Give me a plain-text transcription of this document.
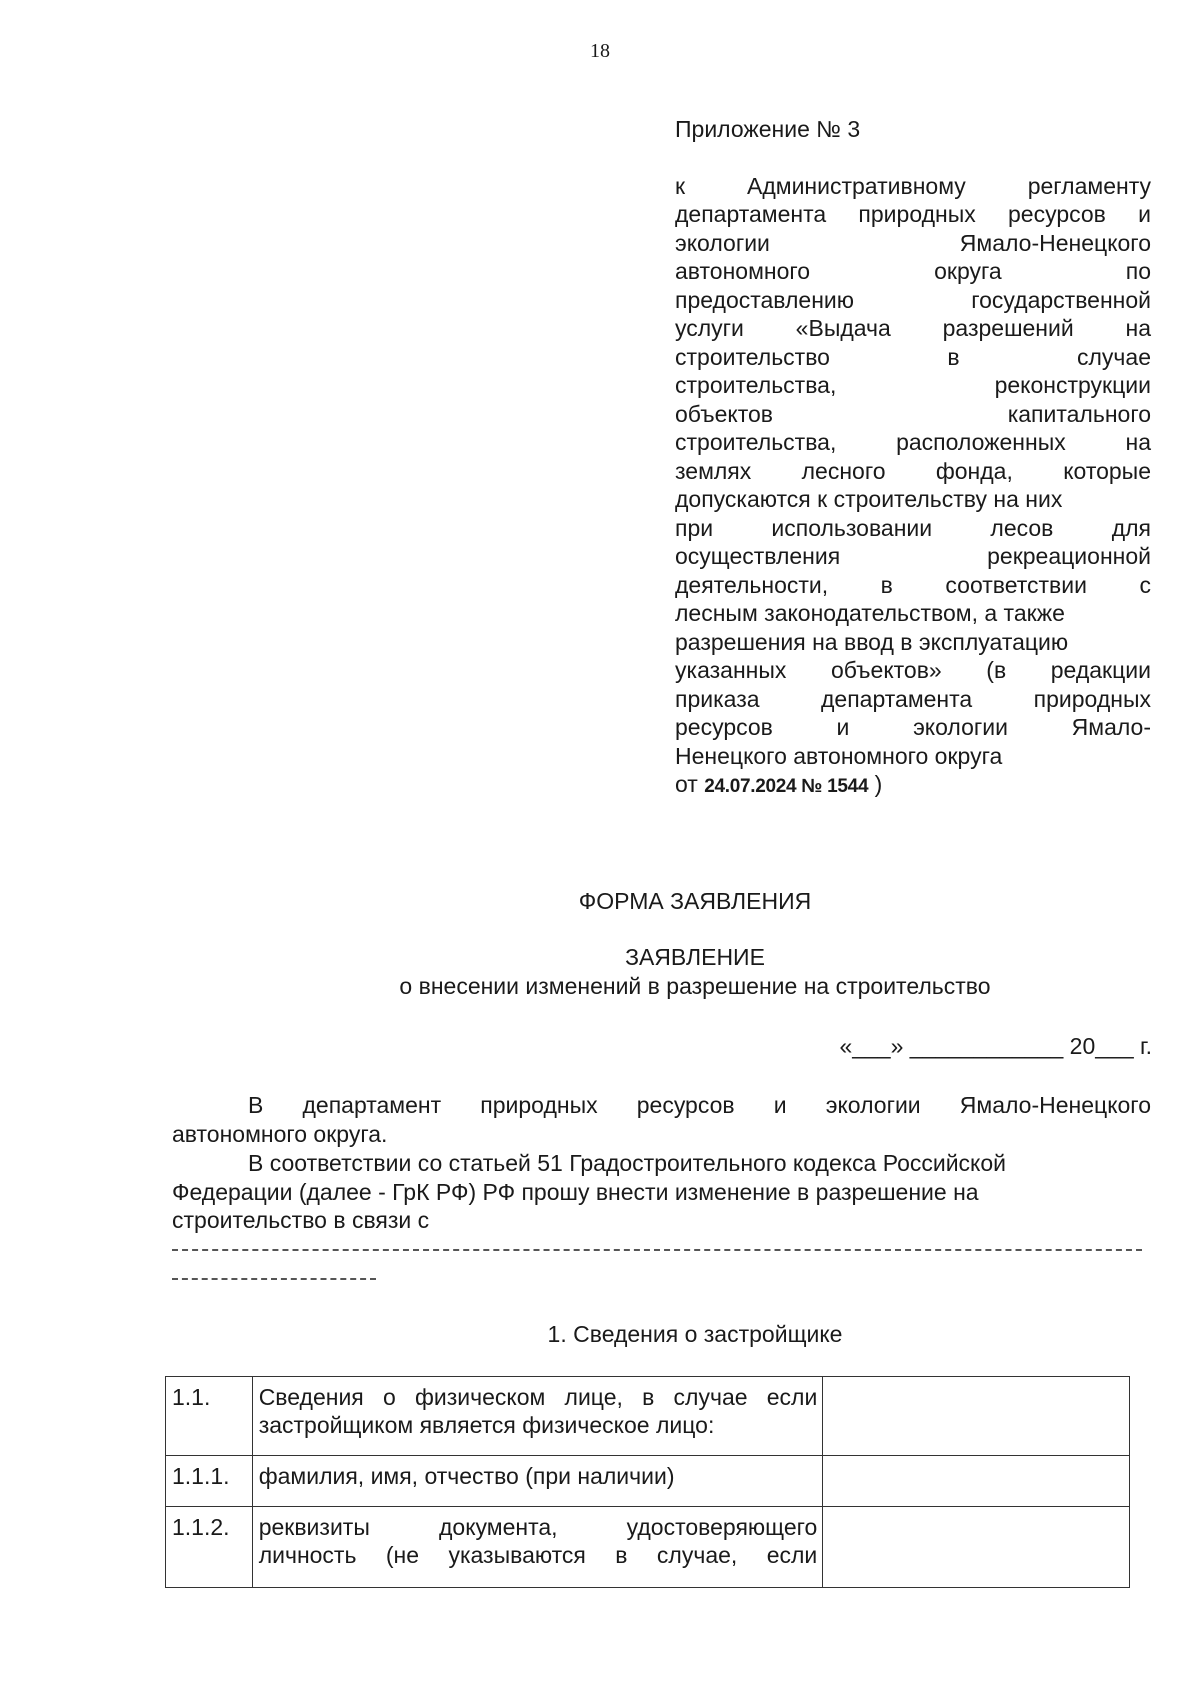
18
Приложение № 3
к Административному регламенту
департамента природных ресурсов и
экологии Ямало-Ненецкого
автономного округа по
предоставлению государственной
услуги «Выдача разрешений на
строительство в случае
строительства, реконструкции
объектов капитального
строительства, расположенных на
землях лесного фонда, которые
допускаются к строительству на них
при использовании лесов для
осуществления рекреационной
деятельности, в соответствии с
лесным законодательством, а также
разрешения на ввод в эксплуатацию
указанных объектов» (в редакции
приказа департамента природных
ресурсов и экологии Ямало-
Ненецкого автономного округа
от 24.07.2024 № 1544 )
ФОРМА ЗАЯВЛЕНИЯ
ЗАЯВЛЕНИЕ
о внесении изменений в разрешение на строительство
«___» ____________ 20___ г.
В департамент природных ресурсов и экологии Ямало-Ненецкого
автономного округа.
В соответствии со статьей 51 Градостроительного кодекса Российской
Федерации (далее - ГрК РФ) РФ прошу внести изменение в разрешение на
строительство в связи с
1. Сведения о застройщике
1.1.	Сведения о физическом лице, в случае если
застройщиком является физическое лицо:	

1.1.1.	фамилия, имя, отчество (при наличии)	

1.1.2.	реквизиты документа, удостоверяющего
личность (не указываются в случае, если	
